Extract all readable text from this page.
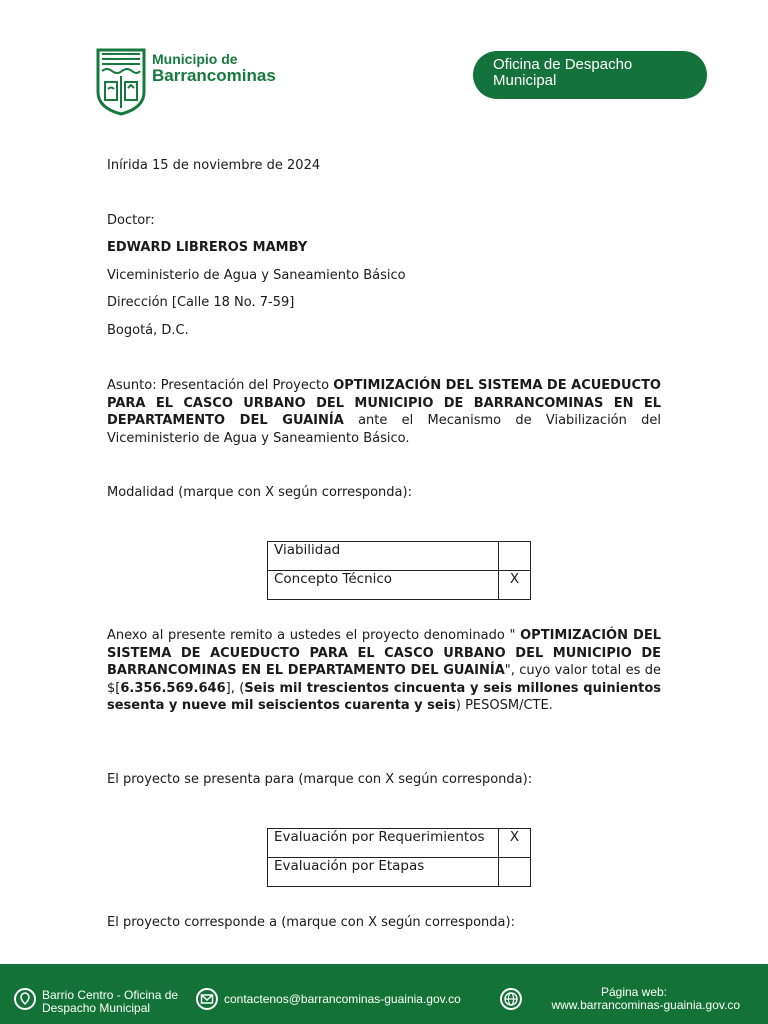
Municipio de
Barrancominas
Oficina de Despacho
Municipal

Inírida 15 de noviembre de 2024

Doctor:

EDWARD LIBREROS MAMBY

Viceministerio de Agua y Saneamiento Básico

Dirección [Calle 18 No. 7-59]

Bogotá, D.C.

Asunto: Presentación del Proyecto OPTIMIZACIÓN DEL SISTEMA DE ACUEDUCTO PARA EL CASCO URBANO DEL MUNICIPIO DE BARRANCOMINAS EN EL DEPARTAMENTO DEL GUAINÍA ante el Mecanismo de Viabilización del Viceministerio de Agua y Saneamiento Básico.

Modalidad (marque con X según corresponda):

Viabilidad	
Concepto Técnico	X

Anexo al presente remito a ustedes el proyecto denominado " OPTIMIZACIÓN DEL SISTEMA DE ACUEDUCTO PARA EL CASCO URBANO DEL MUNICIPIO DE BARRANCOMINAS EN EL DEPARTAMENTO DEL GUAINÍA", cuyo valor total es de $[6.356.569.646], (Seis mil trescientos cincuenta y seis millones quinientos sesenta y nueve mil seiscientos cuarenta y seis) PESOSM/CTE.

El proyecto se presenta para (marque con X según corresponda):

Evaluación por Requerimientos	X
Evaluación por Etapas	

El proyecto corresponde a (marque con X según corresponda):

Barrio Centro - Oficina de
Despacho Municipal
contactenos@barrancominas-guainia.gov.co	Página web:
www.barrancominas-guainia.gov.co
